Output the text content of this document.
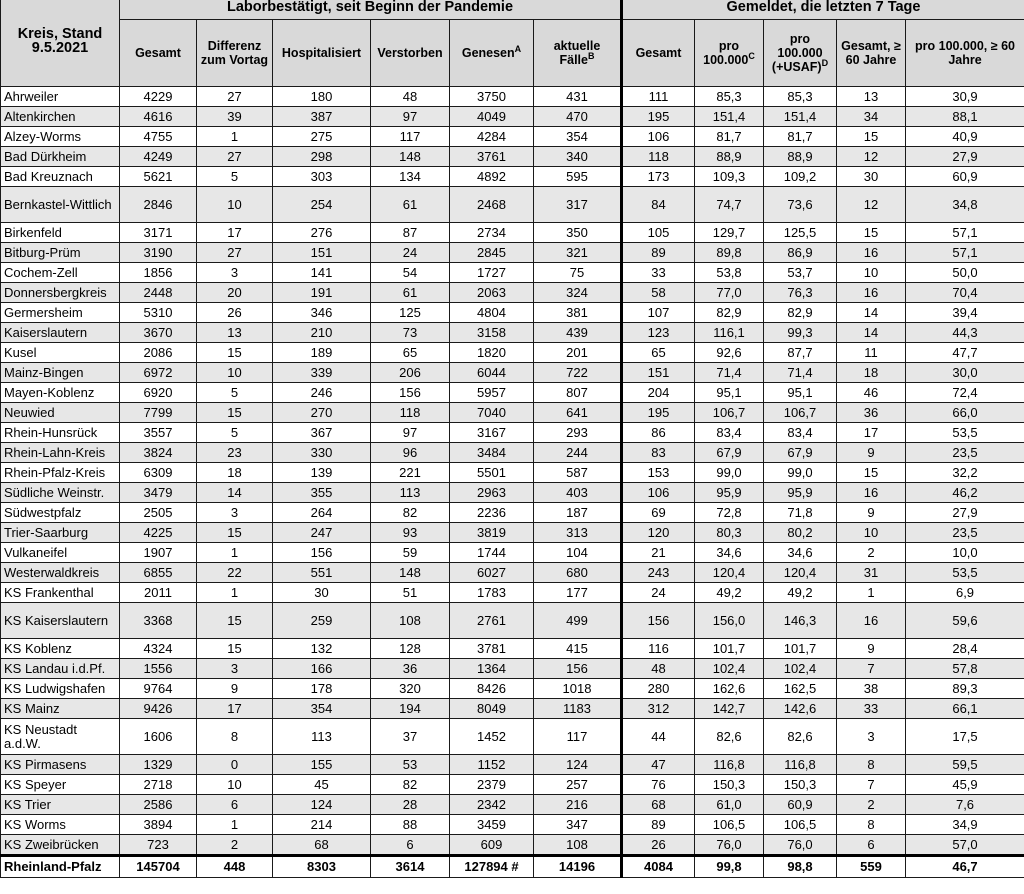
Kreis, Stand 9.5.2021	Laborbestätigt, seit Beginn der Pandemie						Gemeldet, die letzten 7 Tage				
	Gesamt	Differenz zum Vortag	Hospitalisiert	Verstorben	Genesen$^A$	aktuelle Fälle$^B$	Gesamt	pro $100.000^C$	pro 100.000 (+USAF)$^D$	Gesamt, ≥ 60 Jahre	pro 100.000, ≥ 60 Jahre
Ahrweiler	4229	27	180	48	3750	431	111	85,3	85,3	13	30,9
Altenkirchen	4616	39	387	97	4049	470	195	151,4	151,4	34	88,1
Alzey-Worms	4755	1	275	117	4284	354	106	81,7	81,7	15	40,9
Bad Dürkheim	4249	27	298	148	3761	340	118	88,9	88,9	12	27,9
Bad Kreuznach	5621	5	303	134	4892	595	173	109,3	109,2	30	60,9
Bernkastel-Wittlich	2846	10	254	61	2468	317	84	74,7	73,6	12	34,8
Birkenfeld	3171	17	276	87	2734	350	105	129,7	125,5	15	57,1
Bitburg-Prüm	3190	27	151	24	2845	321	89	89,8	86,9	16	57,1
Cochem-Zell	1856	3	141	54	1727	75	33	53,8	53,7	10	50,0
Donnersbergkreis	2448	20	191	61	2063	324	58	77,0	76,3	16	70,4
Germersheim	5310	26	346	125	4804	381	107	82,9	82,9	14	39,4
Kaiserslautern	3670	13	210	73	3158	439	123	116,1	99,3	14	44,3
Kusel	2086	15	189	65	1820	201	65	92,6	87,7	11	47,7
Mainz-Bingen	6972	10	339	206	6044	722	151	71,4	71,4	18	30,0
Mayen-Koblenz	6920	5	246	156	5957	807	204	95,1	95,1	46	72,4
Neuwied	7799	15	270	118	7040	641	195	106,7	106,7	36	66,0
Rhein-Hunsrück	3557	5	367	97	3167	293	86	83,4	83,4	17	53,5
Rhein-Lahn-Kreis	3824	23	330	96	3484	244	83	67,9	67,9	9	23,5
Rhein-Pfalz-Kreis	6309	18	139	221	5501	587	153	99,0	99,0	15	32,2
Südliche Weinstr.	3479	14	355	113	2963	403	106	95,9	95,9	16	46,2
Südwestpfalz	2505	3	264	82	2236	187	69	72,8	71,8	9	27,9
Trier-Saarburg	4225	15	247	93	3819	313	120	80,3	80,2	10	23,5
Vulkaneifel	1907	1	156	59	1744	104	21	34,6	34,6	2	10,0
Westerwaldkreis	6855	22	551	148	6027	680	243	120,4	120,4	31	53,5
KS Frankenthal	2011	1	30	51	1783	177	24	49,2	49,2	1	6,9
KS Kaiserslautern	3368	15	259	108	2761	499	156	156,0	146,3	16	59,6
KS Koblenz	4324	15	132	128	3781	415	116	101,7	101,7	9	28,4
KS Landau i.d.Pf.	1556	3	166	36	1364	156	48	102,4	102,4	7	57,8
KS Ludwigshafen	9764	9	178	320	8426	1018	280	162,6	162,5	38	89,3
KS Mainz	9426	17	354	194	8049	1183	312	142,7	142,6	33	66,1
KS Neustadt a.d.W.	1606	8	113	37	1452	117	44	82,6	82,6	3	17,5
KS Pirmasens	1329	0	155	53	1152	124	47	116,8	116,8	8	59,5
KS Speyer	2718	10	45	82	2379	257	76	150,3	150,3	7	45,9
KS Trier	2586	6	124	28	2342	216	68	61,0	60,9	2	7,6
KS Worms	3894	1	214	88	3459	347	89	106,5	106,5	8	34,9
KS Zweibrücken	723	2	68	6	609	108	26	76,0	76,0	6	57,0
Rheinland-Pfalz	145704	448	8303	3614	127894 #	14196	4084	99,8	98,8	559	46,7
